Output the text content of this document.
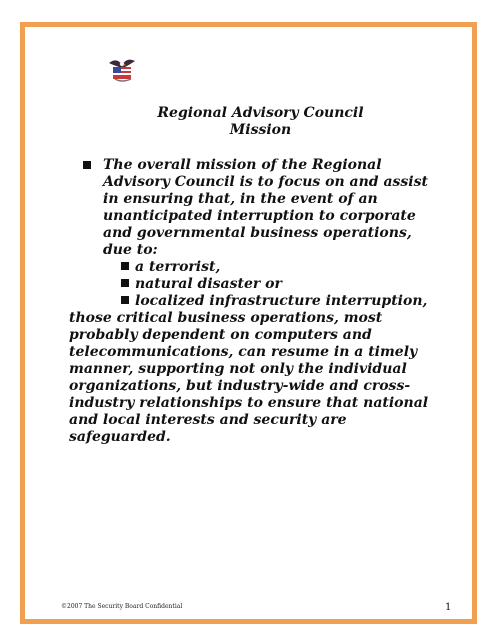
Regional Advisory Council
Mission
The overall mission of the Regional Advisory Council is to focus on and assist in ensuring that, in the event of an unanticipated interruption to corporate and governmental business operations, due to:
a terrorist,
natural disaster or
localized infrastructure interruption,
those critical business operations, most probably dependent on computers and telecommunications, can resume in a timely manner, supporting not only the individual organizations, but industry-wide and cross-industry relationships to ensure that national and local interests and security are safeguarded.
©2007 The Security Board Confidential	1
